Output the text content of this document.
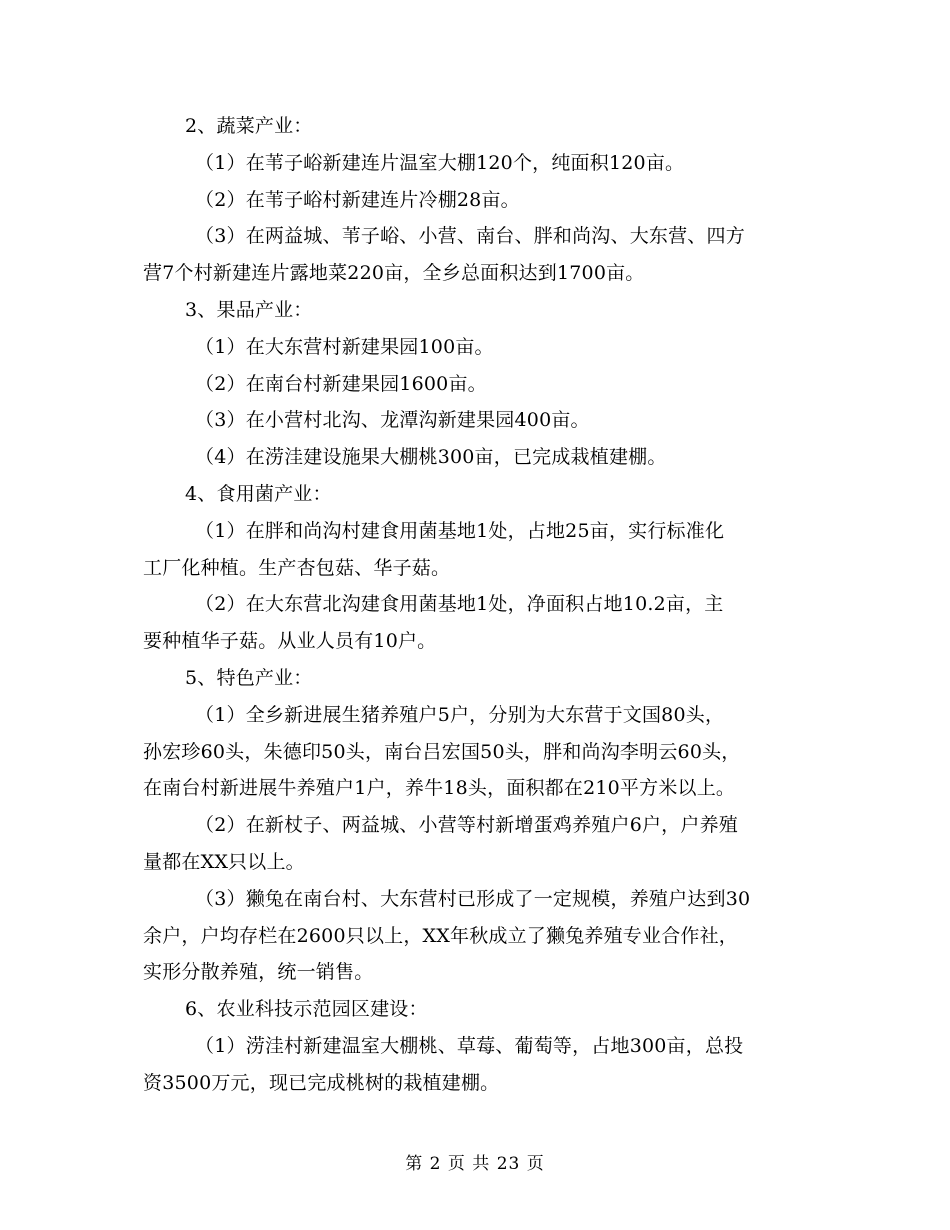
2、蔬菜产业：
（1）在苇子峪新建连片温室大棚120个，纯面积120亩。
（2）在苇子峪村新建连片冷棚28亩。
（3）在两益城、苇子峪、小营、南台、胖和尚沟、大东营、四方
营7个村新建连片露地菜220亩，全乡总面积达到1700亩。
3、果品产业：
（1）在大东营村新建果园100亩。
（2）在南台村新建果园1600亩。
（3）在小营村北沟、龙潭沟新建果园400亩。
（4）在涝洼建设施果大棚桃300亩，已完成栽植建棚。
4、食用菌产业：
（1）在胖和尚沟村建食用菌基地1处，占地25亩，实行标准化
工厂化种植。生产杏包菇、华子菇。
（2）在大东营北沟建食用菌基地1处，净面积占地10.2亩，主
要种植华子菇。从业人员有10户。
5、特色产业：
（1）全乡新进展生猪养殖户5户，分别为大东营于文国80头，
孙宏珍60头，朱德印50头，南台吕宏国50头，胖和尚沟李明云60头，
在南台村新进展牛养殖户1户，养牛18头，面积都在210平方米以上。
（2）在新杖子、两益城、小营等村新增蛋鸡养殖户6户，户养殖
量都在XX只以上。
（3）獭兔在南台村、大东营村已形成了一定规模，养殖户达到30
余户，户均存栏在2600只以上，XX年秋成立了獭兔养殖专业合作社，
实形分散养殖，统一销售。
6、农业科技示范园区建设：
（1）涝洼村新建温室大棚桃、草莓、葡萄等，占地300亩，总投
资3500万元，现已完成桃树的栽植建棚。
第 2 页 共 23 页
